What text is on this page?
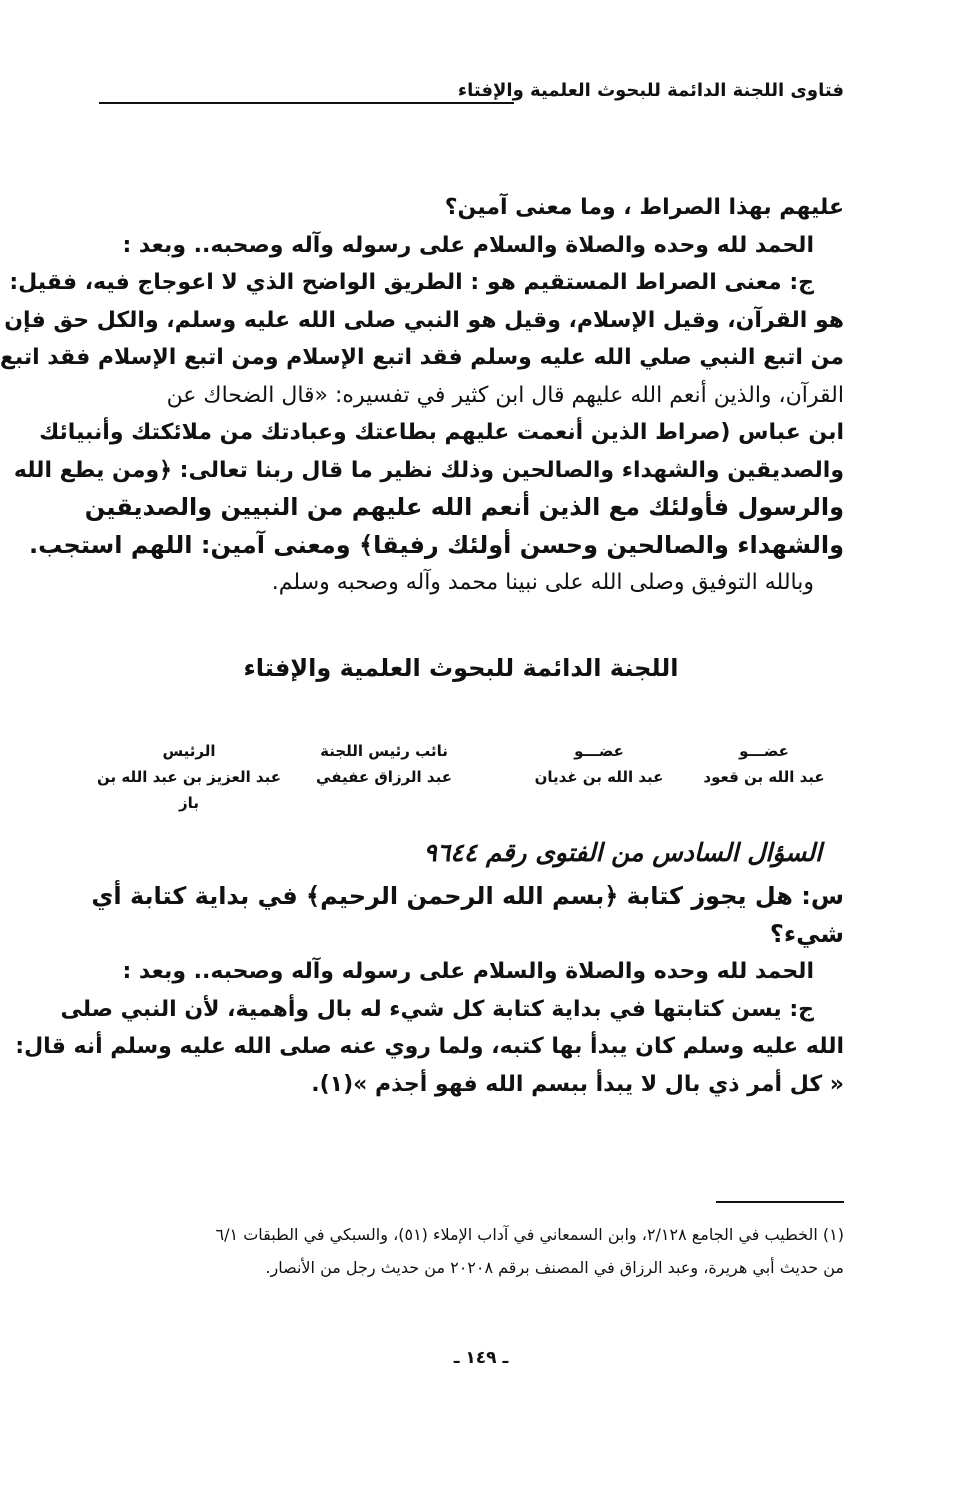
فتاوى اللجنة الدائمة للبحوث العلمية والإفتاء
عليهم بهذا الصراط ، وما معنى آمين؟
الحمد لله وحده والصلاة والسلام على رسوله وآله وصحبه.. وبعد :
ج: معنى الصراط المستقيم هو : الطريق الواضح الذي لا اعوجاج فيه، فقيل:
هو القرآن، وقيل الإسلام، وقيل هو النبي صلى الله عليه وسلم، والكل حق فإن
من اتبع النبي صلي الله عليه وسلم فقد اتبع الإسلام ومن اتبع الإسلام فقد اتبع
القرآن، والذين أنعم الله عليهم قال ابن كثير في تفسيره: «قال الضحاك عن
ابن عباس (صراط الذين أنعمت عليهم بطاعتك وعبادتك من ملائكتك وأنبيائك
والصديقين والشهداء والصالحين وذلك نظير ما قال ربنا تعالى: ﴿ومن يطع الله
والرسول فأولئك مع الذين أنعم الله عليهم من النبيين والصديقين
والشهداء والصالحين وحسن أولئك رفيقا﴾ ومعنى آمين: اللهم استجب.
وبالله التوفيق وصلى الله على نبينا محمد وآله وصحبه وسلم.
اللجنة الدائمة للبحوث العلمية والإفتاء
عضـــو
عبد الله بن قعود
عضـــو
عبد الله بن غديان
نائب رئيس اللجنة
عبد الرزاق عفيفي
الرئيس
عبد العزيز بن عبد الله بن باز
السؤال السادس من الفتوى رقم ٩٦٤٤
س: هل يجوز كتابة ﴿بسم الله الرحمن الرحيم﴾ في بداية كتابة أي
شيء؟
الحمد لله وحده والصلاة والسلام على رسوله وآله وصحبه.. وبعد :
ج: يسن كتابتها في بداية كتابة كل شيء له بال وأهمية، لأن النبي صلى
الله عليه وسلم كان يبدأ بها كتبه، ولما روي عنه صلى الله عليه وسلم أنه قال:
« كل أمر ذي بال لا يبدأ ببسم الله فهو أجذم »(١).
(١) الخطيب في الجامع ٢/١٢٨، وابن السمعاني في آداب الإملاء (٥١)، والسبكي في الطبقات ٦/١
من حديث أبي هريرة، وعبد الرزاق في المصنف برقم ٢٠٢٠٨ من حديث رجل من الأنصار.
ـ ١٤٩ ـ
